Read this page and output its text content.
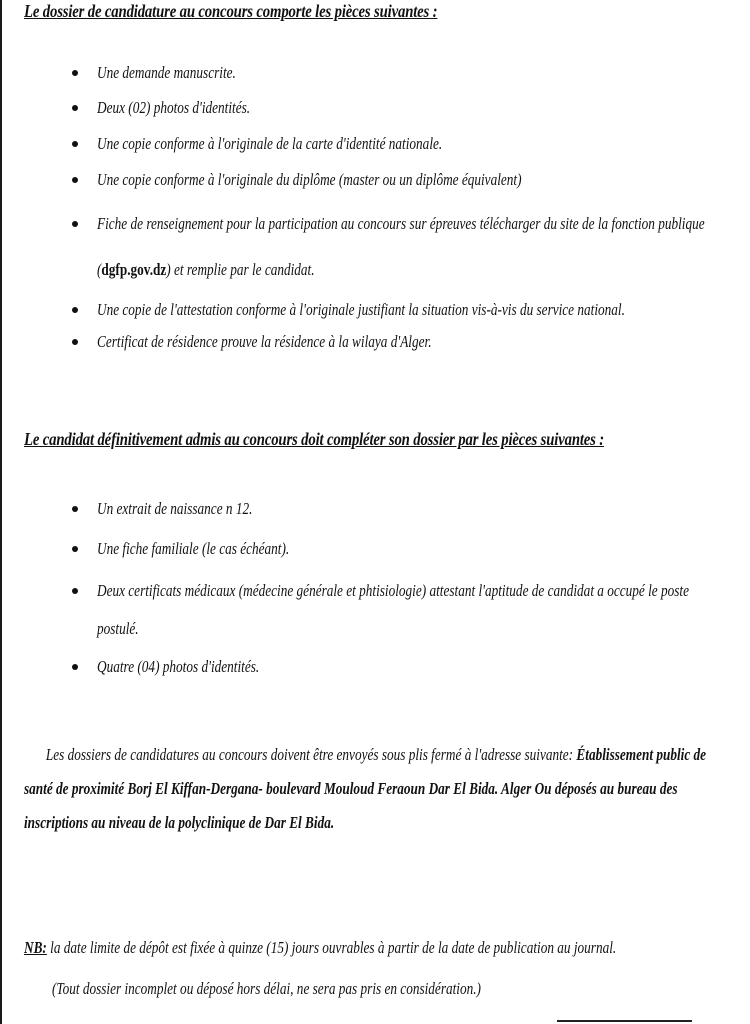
Le dossier de candidature au concours comporte les pièces suivantes :
Une demande manuscrite.
Deux (02) photos d'identités.
Une copie conforme à l'originale de la carte d'identité nationale.
Une copie conforme à l'originale du diplôme (master ou un diplôme équivalent)
Fiche de renseignement pour la participation au concours sur épreuves télécharger du site de la fonction publique (dgfp.gov.dz) et remplie par le candidat.
Une copie de l'attestation conforme à l'originale justifiant la situation vis-à-vis du service national.
Certificat de résidence prouve la résidence à la wilaya d'Alger.
Le candidat définitivement admis au concours doit compléter son dossier par les pièces suivantes :
Un extrait de naissance n 12.
Une fiche familiale (le cas échéant).
Deux certificats médicaux (médecine générale et phtisiologie) attestant l'aptitude de candidat a occupé le poste postulé.
Quatre (04) photos d'identités.
Les dossiers de candidatures au concours doivent être envoyés sous plis fermé à l'adresse suivante: Établissement public de santé de proximité Borj El Kiffan-Dergana- boulevard Mouloud Feraoun Dar El Bida. Alger Ou déposés au bureau des inscriptions au niveau de la polyclinique de Dar El Bida.
NB: la date limite de dépôt est fixée à quinze (15) jours ouvrables à partir de la date de publication au journal.
(Tout dossier incomplet ou déposé hors délai, ne sera pas pris en considération.)
